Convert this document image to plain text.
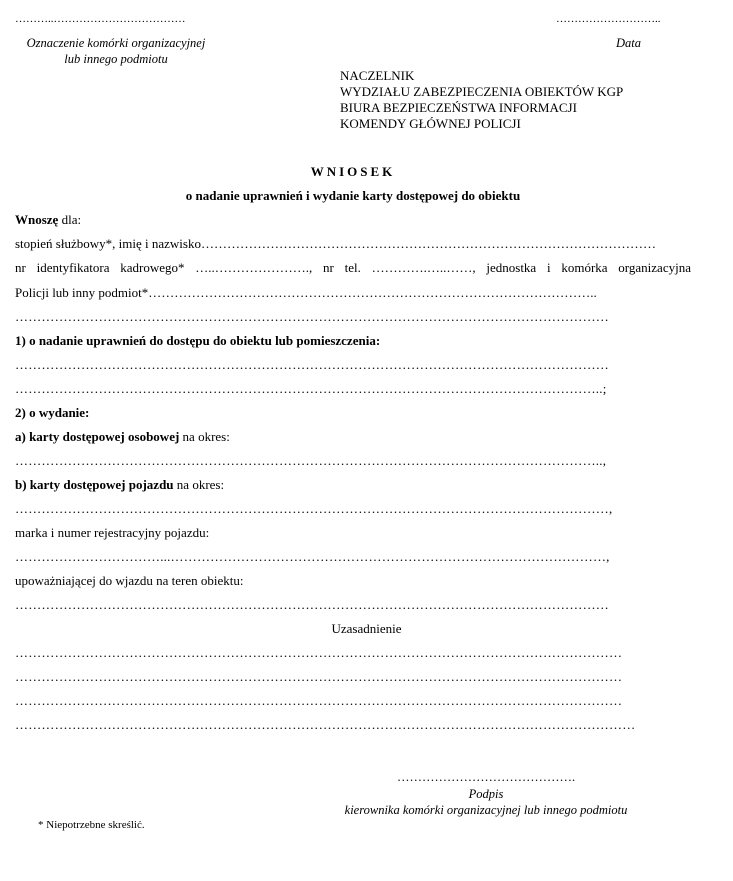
………..………………………………	………………………..
Oznaczenie komórki organizacyjnej
lub innego podmiotu
Data
NACZELNIK
WYDZIAŁU ZABEZPIECZENIA OBIEKTÓW KGP
BIURA BEZPIECZEŃSTWA INFORMACJI
KOMENDY GŁÓWNEJ POLICJI
WNIOSEK
o nadanie uprawnień i wydanie karty dostępowej do obiektu
Wnoszę dla:
stopień służbowy*, imię i nazwisko……………………………………………………………………………………………
nr identyfikatora kadrowego* …..…………………., nr tel. ………….…..……, jednostka i komórka organizacyjna
Policji lub inny podmiot*…………………………………………………………………………………………..
………………………………………………………………………………………………………………………
1) o nadanie uprawnień do dostępu do obiektu lub pomieszczenia:
………………………………………………………………………………………………………………………
……………………………………………………………………………………………………………………..;
2) o wydanie:
a) karty dostępowej osobowej na okres:
……………………………………………………………………………………………………………………..,
b) karty dostępowej pojazdu na okres:
………………………………………………………………………………………………………………………,
marka i numer rejestracyjny pojazdu:
……………………………...………………………………………………………………………………………,
upoważniającej do wjazdu na teren obiektu:
………………………………………………………………………………………………………………………
Uzasadnienie
…………………………………………………………………………………………………………………………
…………………………………………………………………………………………………………………………
…………………………………………………………………………………………………………………………
……………………………………………………………………………………………………………………………
…………………………………….
Podpis
kierownika komórki organizacyjnej lub innego podmiotu
* Niepotrzebne skreślić.
